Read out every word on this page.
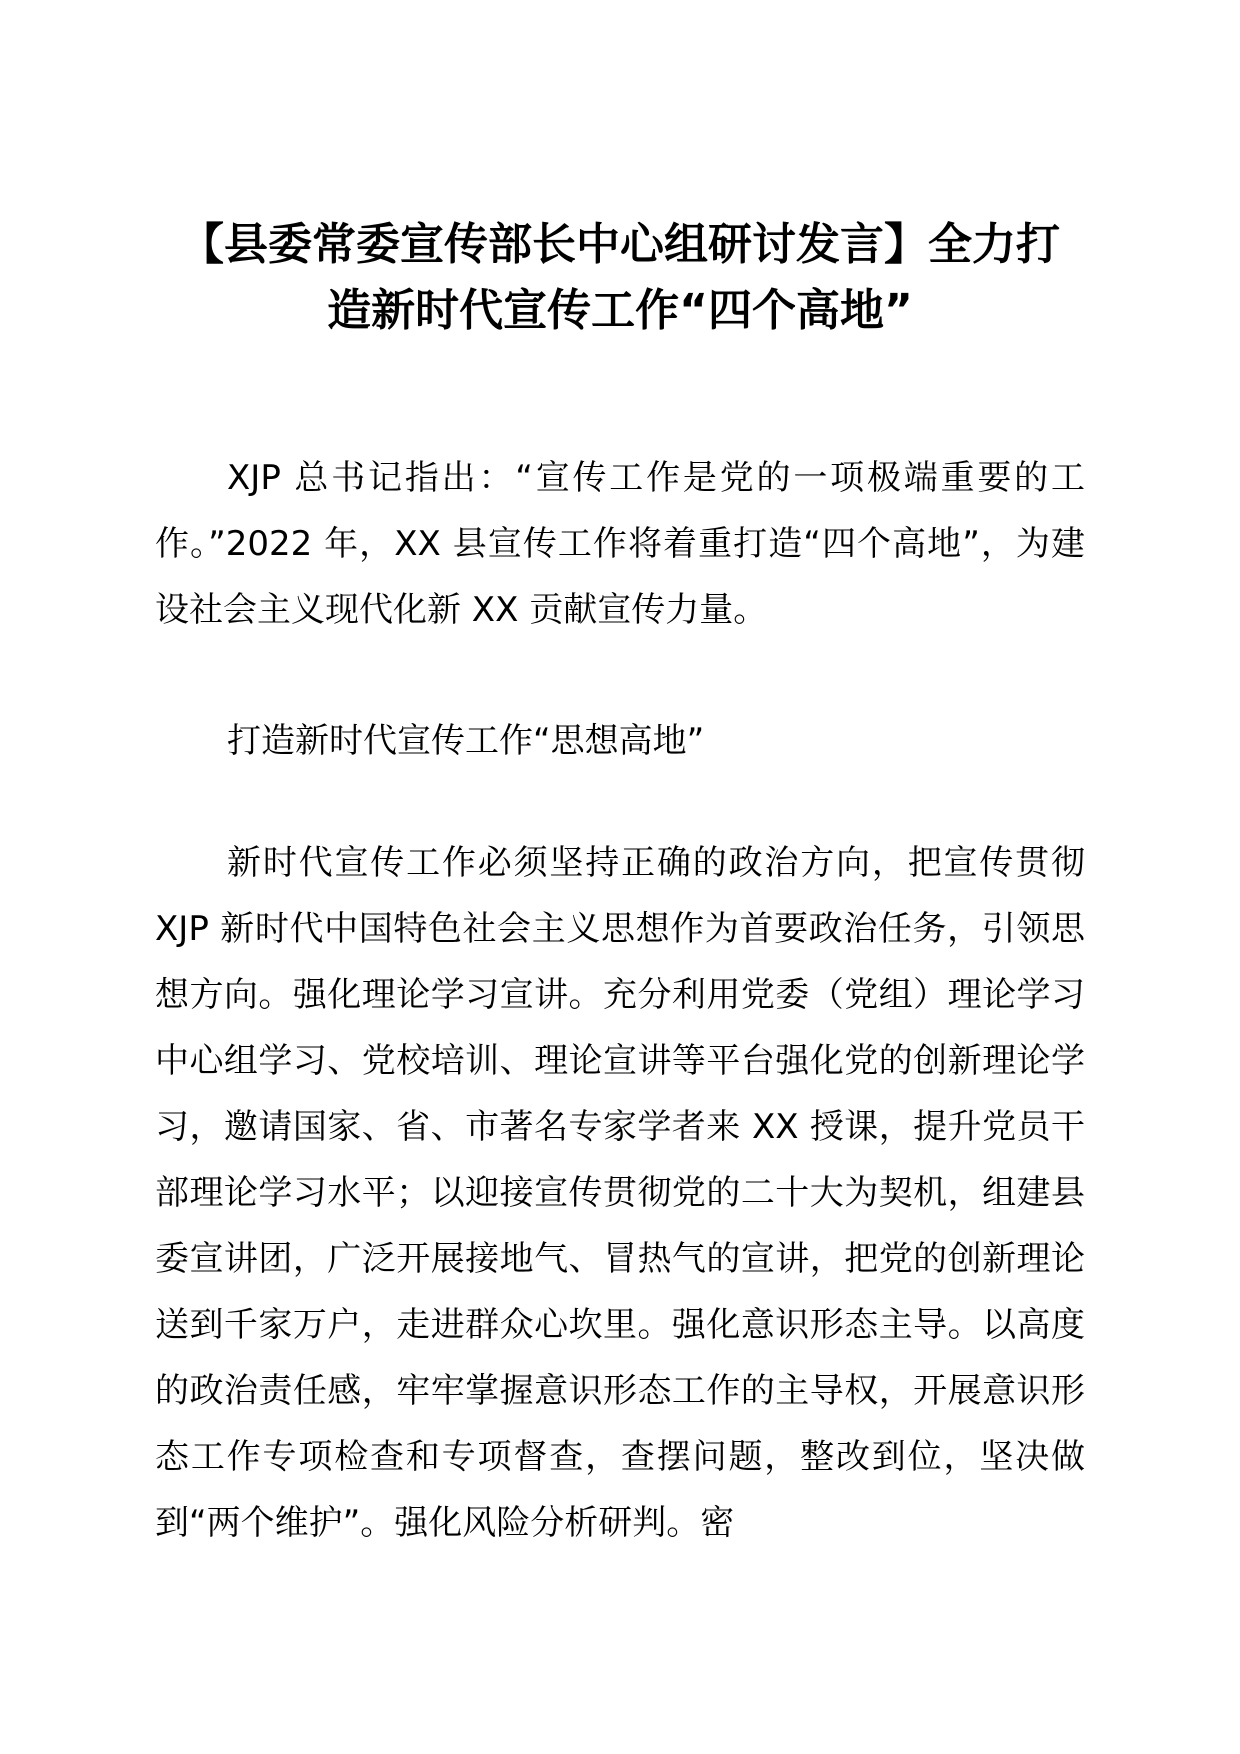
【县委常委宣传部长中心组研讨发言】全力打
造新时代宣传工作“四个高地”

XJP 总书记指出：“宣传工作是党的一项极端重要的工作。”2022 年，XX 县宣传工作将着重打造“四个高地”，为建设社会主义现代化新 XX 贡献宣传力量。

打造新时代宣传工作“思想高地”

新时代宣传工作必须坚持正确的政治方向，把宣传贯彻 XJP 新时代中国特色社会主义思想作为首要政治任务，引领思想方向。强化理论学习宣讲。充分利用党委（党组）理论学习中心组学习、党校培训、理论宣讲等平台强化党的创新理论学习，邀请国家、省、市著名专家学者来 XX 授课，提升党员干部理论学习水平；以迎接宣传贯彻党的二十大为契机，组建县委宣讲团，广泛开展接地气、冒热气的宣讲，把党的创新理论送到千家万户，走进群众心坎里。强化意识形态主导。以高度的政治责任感，牢牢掌握意识形态工作的主导权，开展意识形态工作专项检查和专项督查，查摆问题，整改到位，坚决做到“两个维护”。强化风险分析研判。密
